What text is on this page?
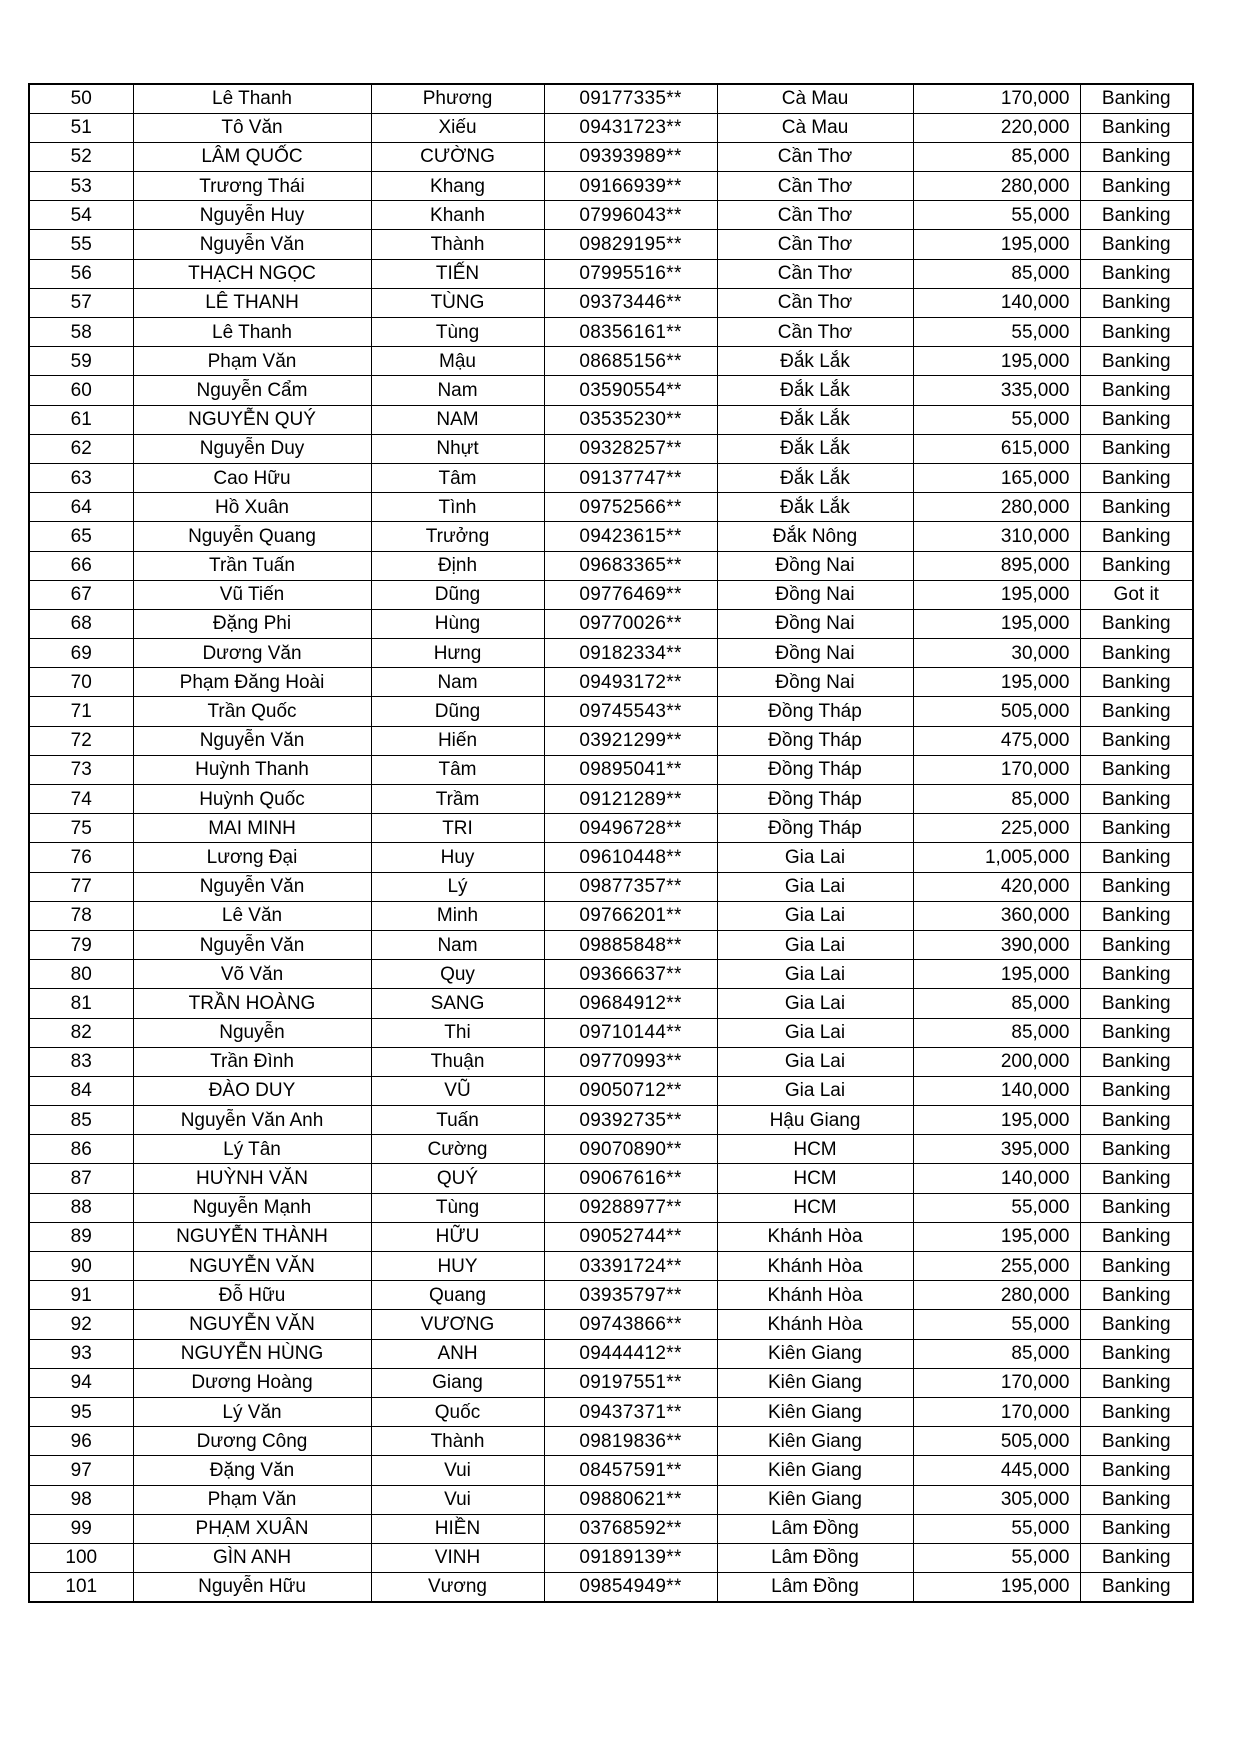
50	Lê Thanh	Phương	09177335**	Cà Mau	170,000	Banking
51	Tô Văn	Xiếu	09431723**	Cà Mau	220,000	Banking
52	LÂM QUỐC	CƯỜNG	09393989**	Cần Thơ	85,000	Banking
53	Trương Thái	Khang	09166939**	Cần Thơ	280,000	Banking
54	Nguyễn Huy	Khanh	07996043**	Cần Thơ	55,000	Banking
55	Nguyễn Văn	Thành	09829195**	Cần Thơ	195,000	Banking
56	THẠCH NGỌC	TIẾN	07995516**	Cần Thơ	85,000	Banking
57	LÊ THANH	TÙNG	09373446**	Cần Thơ	140,000	Banking
58	Lê Thanh	Tùng	08356161**	Cần Thơ	55,000	Banking
59	Phạm Văn	Mậu	08685156**	Đắk Lắk	195,000	Banking
60	Nguyễn Cẩm	Nam	03590554**	Đắk Lắk	335,000	Banking
61	NGUYỄN QUÝ	NAM	03535230**	Đắk Lắk	55,000	Banking
62	Nguyễn Duy	Nhựt	09328257**	Đắk Lắk	615,000	Banking
63	Cao Hữu	Tâm	09137747**	Đắk Lắk	165,000	Banking
64	Hồ Xuân	Tình	09752566**	Đắk Lắk	280,000	Banking
65	Nguyễn Quang	Trưởng	09423615**	Đắk Nông	310,000	Banking
66	Trần Tuấn	Định	09683365**	Đồng Nai	895,000	Banking
67	Vũ Tiến	Dũng	09776469**	Đồng Nai	195,000	Got it
68	Đặng Phi	Hùng	09770026**	Đồng Nai	195,000	Banking
69	Dương Văn	Hưng	09182334**	Đồng Nai	30,000	Banking
70	Phạm Đăng Hoài	Nam	09493172**	Đồng Nai	195,000	Banking
71	Trần Quốc	Dũng	09745543**	Đồng Tháp	505,000	Banking
72	Nguyễn Văn	Hiến	03921299**	Đồng Tháp	475,000	Banking
73	Huỳnh Thanh	Tâm	09895041**	Đồng Tháp	170,000	Banking
74	Huỳnh Quốc	Trầm	09121289**	Đồng Tháp	85,000	Banking
75	MAI MINH	TRI	09496728**	Đồng Tháp	225,000	Banking
76	Lương Đại	Huy	09610448**	Gia Lai	1,005,000	Banking
77	Nguyễn Văn	Lý	09877357**	Gia Lai	420,000	Banking
78	Lê Văn	Minh	09766201**	Gia Lai	360,000	Banking
79	Nguyễn Văn	Nam	09885848**	Gia Lai	390,000	Banking
80	Võ Văn	Quy	09366637**	Gia Lai	195,000	Banking
81	TRẦN HOÀNG	SANG	09684912**	Gia Lai	85,000	Banking
82	Nguyễn	Thi	09710144**	Gia Lai	85,000	Banking
83	Trần Đình	Thuận	09770993**	Gia Lai	200,000	Banking
84	ĐÀO DUY	VŨ	09050712**	Gia Lai	140,000	Banking
85	Nguyễn Văn Anh	Tuấn	09392735**	Hậu Giang	195,000	Banking
86	Lý Tân	Cường	09070890**	HCM	395,000	Banking
87	HUỲNH VĂN	QUÝ	09067616**	HCM	140,000	Banking
88	Nguyễn Mạnh	Tùng	09288977**	HCM	55,000	Banking
89	NGUYỄN THÀNH	HỮU	09052744**	Khánh Hòa	195,000	Banking
90	NGUYỄN VĂN	HUY	03391724**	Khánh Hòa	255,000	Banking
91	Đỗ Hữu	Quang	03935797**	Khánh Hòa	280,000	Banking
92	NGUYỄN VĂN	VƯƠNG	09743866**	Khánh Hòa	55,000	Banking
93	NGUYỄN HÙNG	ANH	09444412**	Kiên Giang	85,000	Banking
94	Dương Hoàng	Giang	09197551**	Kiên Giang	170,000	Banking
95	Lý Văn	Quốc	09437371**	Kiên Giang	170,000	Banking
96	Dương Công	Thành	09819836**	Kiên Giang	505,000	Banking
97	Đặng Văn	Vui	08457591**	Kiên Giang	445,000	Banking
98	Phạm Văn	Vui	09880621**	Kiên Giang	305,000	Banking
99	PHẠM XUÂN	HIỀN	03768592**	Lâm Đồng	55,000	Banking
100	GÌN ANH	VINH	09189139**	Lâm Đồng	55,000	Banking
101	Nguyễn Hữu	Vương	09854949**	Lâm Đồng	195,000	Banking
